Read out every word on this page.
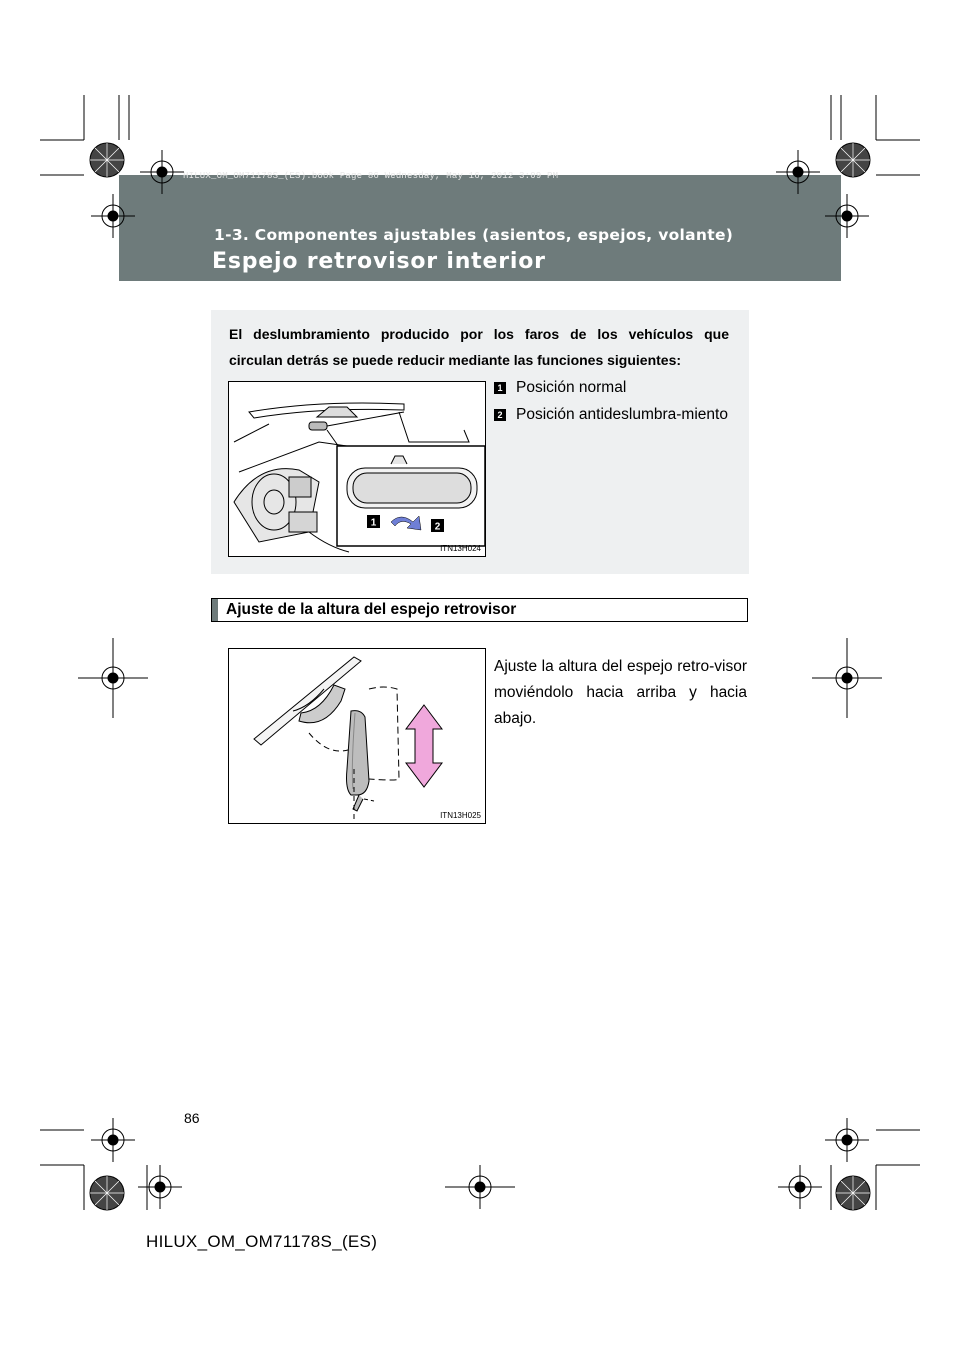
HILUX_OM_OM71178S_(ES).book Page 86 Wednesday, May 16, 2012 3:09 PM
1-3. Componentes ajustables (asientos, espejos, volante)
Espejo retrovisor interior
El deslumbramiento producido por los faros de los vehículos que
circulan detrás se puede reducir mediante las funciones siguientes:
1	2
ITN13H024
1 Posición normal
2 Posición antideslumbra-miento
Ajuste de la altura del espejo retrovisor
Ajuste la altura del espejo retro-visor moviéndolo hacia arriba y hacia abajo.
ITN13H025
86
HILUX_OM_OM71178S_(ES)
